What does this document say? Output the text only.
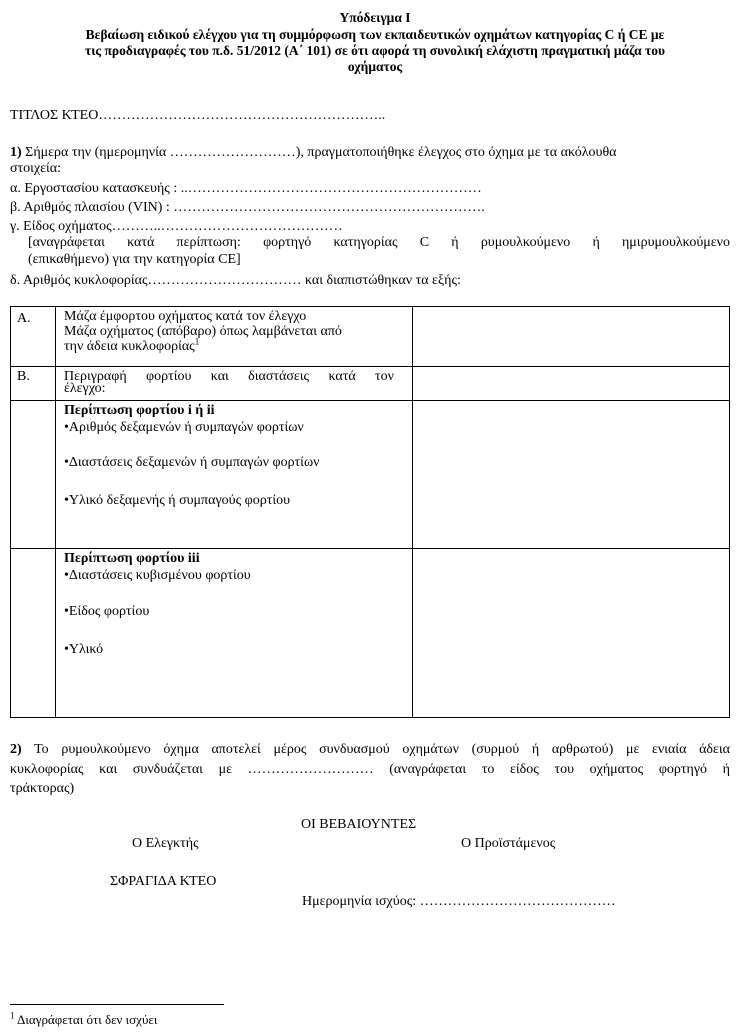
Υπόδειγμα Ι
Βεβαίωση ειδικού ελέγχου για τη συμμόρφωση των εκπαιδευτικών οχημάτων κατηγορίας C ή CE με
τις προδιαγραφές του π.δ. 51/2012 (Α΄ 101) σε ότι αφορά τη συνολική ελάχιστη πραγματική μάζα του
οχήματος
ΤΙΤΛΟΣ ΚΤΕΟ……………………………………………………..
1) Σήμερα την (ημερομηνία ………………………), πραγματοποιήθηκε έλεγχος στο όχημα με τα ακόλουθα
στοιχεία:
α. Εργοστασίου κατασκευής : ..………………………………………………………
β. Αριθμός πλαισίου (VIN) : ………………………………………………………….
γ. Είδος οχήματος………..…………………………………
[αναγράφεται κατά περίπτωση: φορτηγό κατηγορίας C ή ρυμουλκούμενο ή ημιρυμουλκούμενο
(επικαθήμενο) για την κατηγορία CE]
δ. Αριθμός κυκλοφορίας…………………………… και διαπιστώθηκαν τα εξής:
Α.	Μάζα έμφορτου οχήματος κατά τον έλεγχο
Μάζα οχήματος (απόβαρο) όπως λαμβάνεται από
την άδεια κυκλοφορίας$^1$

Β.	Περιγραφή φορτίου και διαστάσεις κατά τον
έλεγχο:	

	Περίπτωση φορτίου i ή ii
•Αριθμός δεξαμενών ή συμπαγών φορτίων
•Διαστάσεις δεξαμενών ή συμπαγών φορτίων
•Υλικό δεξαμενής ή συμπαγούς φορτίου	

	Περίπτωση φορτίου iii
•Διαστάσεις κυβισμένου φορτίου
•Είδος φορτίου
•Υλικό	

2) Το ρυμουλκούμενο όχημα αποτελεί μέρος συνδυασμού οχημάτων (συρμού ή αρθρωτού) με ενιαία άδεια
κυκλοφορίας και συνδυάζεται με ……………………… (αναγράφεται το είδος του οχήματος φορτηγό ή
τράκτορας)
ΟΙ ΒΕΒΑΙΟΥΝΤΕΣ
Ο Ελεγκτής	Ο Προϊστάμενος
ΣΦΡΑΓΙΔΑ ΚΤΕΟ
Ημερομηνία ισχύος: ……………………………………
$^1$ Διαγράφεται ότι δεν ισχύει
